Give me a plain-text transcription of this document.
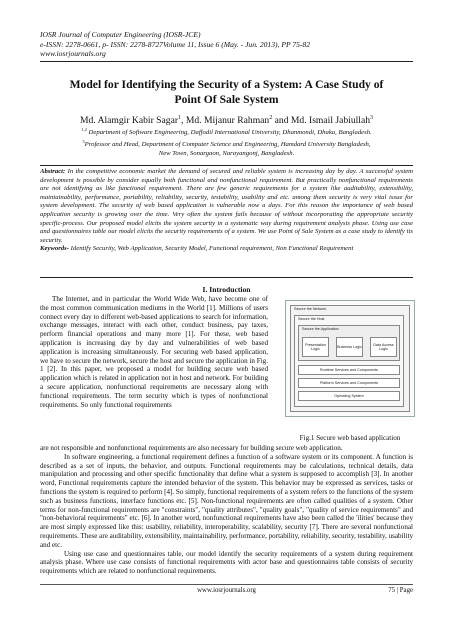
IOSR Journal of Computer Engineering (IOSR-JCE)
e-ISSN: 2278-0661, p- ISSN: 2278-8727Volume 11, Issue 6 (May. - Jun. 2013), PP 75-82
www.iosrjournals.org
Model for Identifying the Security of a System: A Case Study of
Point Of Sale System
Md. Alamgir Kabir Sagar$^1$, Md. Mijanur Rahman$^2$ and Md. Ismail Jabiullah$^3$
$^{1,2}$ Department of Software Engineering, Daffodil International University, Dhanmondi, Dhaka, Bangladesh.
$^3$Professor and Head, Department of Computer Science and Engineering, Hamdard University Bangladesh,
New Town, Sonargaon, Narayangonj, Bangladesh.
Abstract: In the competitive economic market the demand of secured and reliable system is increasing day by day. A successful system development is possible by consider equally both functional and nonfunctional requirement. But practically nonfunctional requirements are not identifying as like functional requirement. There are few generic requirements for a system like auditability, extensibility, maintainability, performance, portability, reliability, security, testability, usability and etc. among them security is very vital issue for system development. The security of web based application is vulnerable now a days. For this reason the importance of web based application security is growing over the time. Very often the system fails because of without incorporating the appropriate security specific-process. Our proposed model elicits the system security in a systematic way during requirement analysis phase. Using use case and questionnaires table our model elicits the security requirements of a system. We use Point of Sale System as a case study to identify its security.
Keywords- Identify Security, Web Application, Security Model, Functional requirement, Non Functional Requirement
I. Introduction

The Internet, and in particular the World Wide Web, have become one of the most common communication mediums in the World [1]. Millions of users connect every day to different web-based applications to search for information, exchange messages, interact with each other, conduct business, pay taxes, perform financial operations and many more [1]. For these, web based application is increasing day by day and vulnerabilities of web based application is increasing simultaneously. For securing web based application, we have to secure the network, secure the host and secure the application in Fig. 1 [2]. In this paper, we proposed a model for building secure web based application which is related in application not in host and network. For building a secure application, nonfunctional requirements are necessary along with functional requirements. The term security which is types of nonfunctional requirements. So only functional requirements

Secure the Network
Secure the Host
Secure the Application
Presentation Logic	Business Logic	Data Access Logic
Runtime Services and Components
Platform Services and Components
Operating System
Fig.1 Secure web based application
are not responsible and nonfunctional requirements are also necessary for building secure web application.

In software engineering, a functional requirement defines a function of a software system or its component. A function is described as a set of inputs, the behavior, and outputs. Functional requirements may be calculations, technical details, data manipulation and processing and other specific functionality that define what a system is supposed to accomplish [3]. In another word, Functional requirements capture the intended behavior of the system. This behavior may be expressed as services, tasks or functions the system is required to perform [4]. So simply, functional requirements of a system refers to the functions of the system such as business functions, interface functions etc. [5]. Non-functional requirements are often called qualities of a system. Other terms for non-functional requirements are "constraints", "quality attributes", "quality goals", "quality of service requirements" and "non-behavioral requirements" etc. [6]. In another word, nonfunctional requirements have also been called the 'ilities' because they are most simply expressed like this: usability, reliability, interoperability, scalability, security [7]. There are several nonfunctional requirements. These are auditability, extensibility, maintainability, performance, portability, reliability, security, testability, usability and etc.

Using use case and questionnaires table, our model identify the security requirements of a system during requirement analysis phase. Where use case consists of functional requirements with actor base and questionnaires table consists of security requirements which are related to nonfunctional requirements.

www.iosrjournals.org	75 | Page
